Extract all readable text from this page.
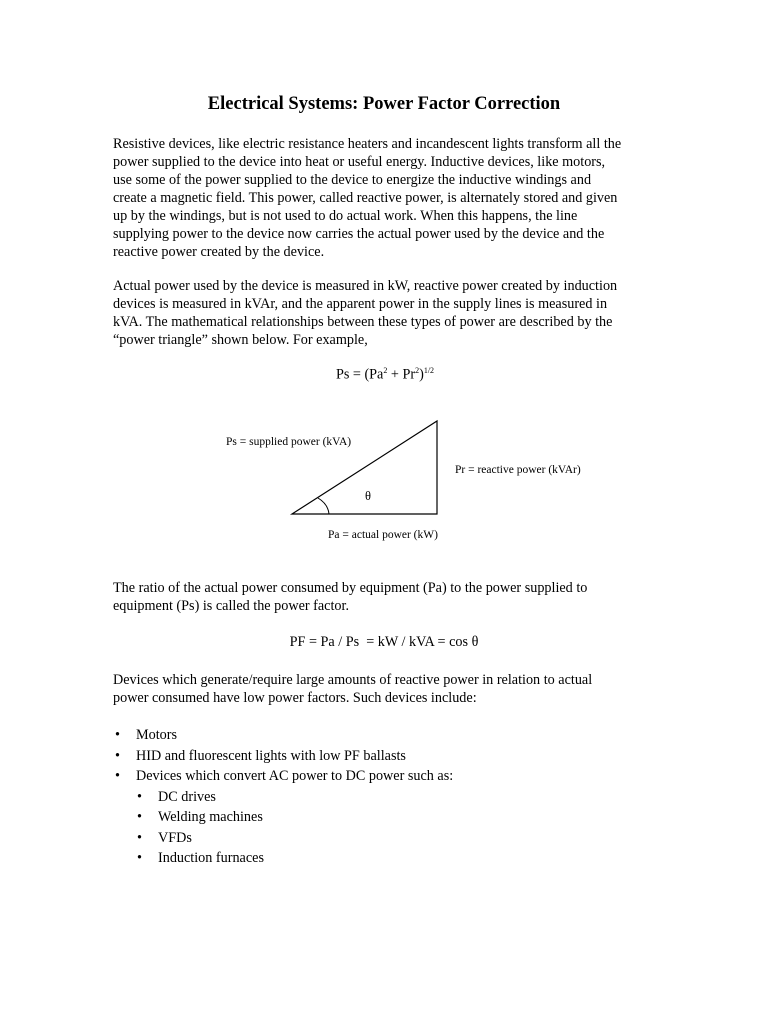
Electrical Systems: Power Factor Correction

Resistive devices, like electric resistance heaters and incandescent lights transform all the
power supplied to the device into heat or useful energy. Inductive devices, like motors,
use some of the power supplied to the device to energize the inductive windings and
create a magnetic field. This power, called reactive power, is alternately stored and given
up by the windings, but is not used to do actual work. When this happens, the line
supplying power to the device now carries the actual power used by the device and the
reactive power created by the device.

Actual power used by the device is measured in kW, reactive power created by induction
devices is measured in kVAr, and the apparent power in the supply lines is measured in
kVA. The mathematical relationships between these types of power are described by the
“power triangle” shown below. For example,

$Ps = (Pa^2 + Pr^2)^{1/2}$

Ps = supplied power (kVA)
Pr = reactive power (kVAr)
Pa = actual power (kW)
θ

The ratio of the actual power consumed by equipment (Pa) to the power supplied to
equipment (Ps) is called the power factor.

PF = Pa / Ps  = kW / kVA = cos θ

Devices which generate/require large amounts of reactive power in relation to actual
power consumed have low power factors. Such devices include:

• Motors
• HID and fluorescent lights with low PF ballasts
• Devices which convert AC power to DC power such as:
• DC drives
• Welding machines
• VFDs
• Induction furnaces
